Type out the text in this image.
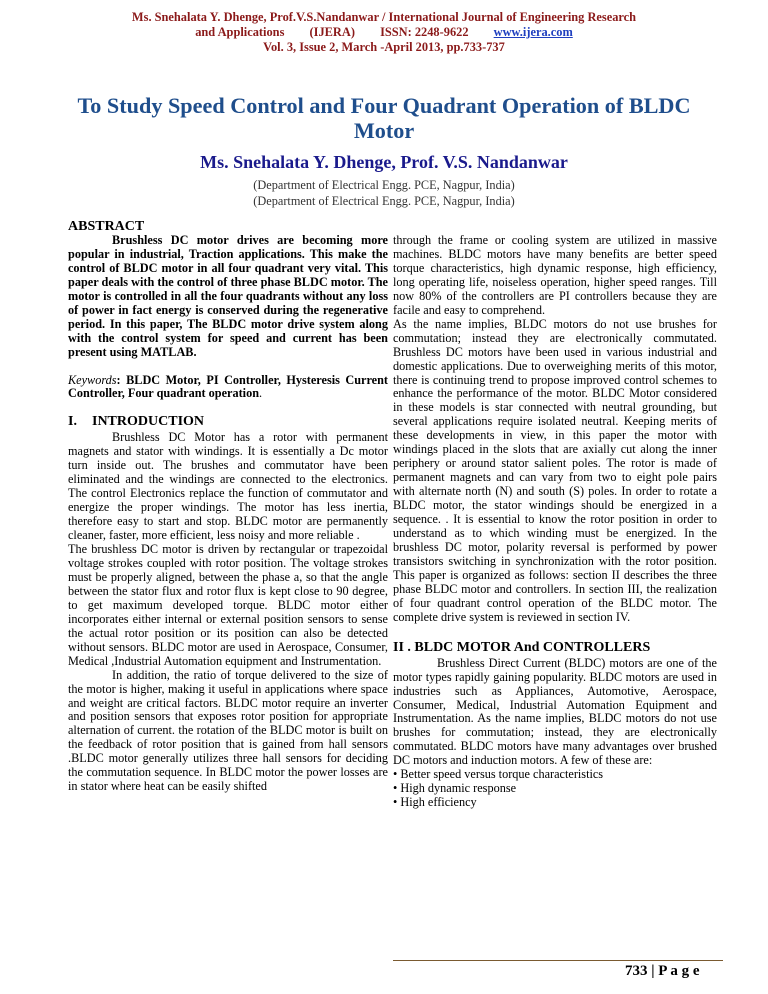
Ms. Snehalata Y. Dhenge, Prof.V.S.Nandanwar / International Journal of Engineering Research
and Applications (IJERA) ISSN: 2248-9622 www.ijera.com
Vol. 3, Issue 2, March -April 2013, pp.733-737
To Study Speed Control and Four Quadrant Operation of BLDC Motor
Ms. Snehalata Y. Dhenge, Prof. V.S. Nandanwar
(Department of Electrical Engg. PCE, Nagpur, India)
(Department of Electrical Engg. PCE, Nagpur, India)

ABSTRACT

Brushless DC motor drives are becoming more popular in industrial, Traction applications. This make the control of BLDC motor in all four quadrant very vital. This paper deals with the control of three phase BLDC motor. The motor is controlled in all the four quadrants without any loss of power in fact energy is conserved during the regenerative period. In this paper, The BLDC motor drive system along with the control system for speed and current has been present using MATLAB.

Keywords: BLDC Motor, PI Controller, Hysteresis Current Controller, Four quadrant operation.

I. INTRODUCTION

Brushless DC Motor has a rotor with permanent magnets and stator with windings. It is essentially a Dc motor turn inside out. The brushes and commutator have been eliminated and the windings are connected to the electronics. The control Electronics replace the function of commutator and energize the proper windings. The motor has less inertia, therefore easy to start and stop. BLDC motor are permanently cleaner, faster, more efficient, less noisy and more reliable .

The brushless DC motor is driven by rectangular or trapezoidal voltage strokes coupled with rotor position. The voltage strokes must be properly aligned, between the phase a, so that the angle between the stator flux and rotor flux is kept close to 90 degree, to get maximum developed torque. BLDC motor either incorporates either internal or external position sensors to sense the actual rotor position or its position can also be detected without sensors. BLDC motor are used in Aerospace, Consumer, Medical ,Industrial Automation equipment and Instrumentation.

In addition, the ratio of torque delivered to the size of the motor is higher, making it useful in applications where space and weight are critical factors. BLDC motor require an inverter and position sensors that exposes rotor position for appropriate alternation of current. the rotation of the BLDC motor is built on the feedback of rotor position that is gained from hall sensors .BLDC motor generally utilizes three hall sensors for deciding the commutation sequence. In BLDC motor the power losses are in stator where heat can be easily shifted

through the frame or cooling system are utilized in massive machines. BLDC motors have many benefits are better speed torque characteristics, high dynamic response, high efficiency, long operating life, noiseless operation, higher speed ranges. Till now 80% of the controllers are PI controllers because they are facile and easy to comprehend.

As the name implies, BLDC motors do not use brushes for commutation; instead they are electronically commutated. Brushless DC motors have been used in various industrial and domestic applications. Due to overweighing merits of this motor, there is continuing trend to propose improved control schemes to enhance the performance of the motor. BLDC Motor considered in these models is star connected with neutral grounding, but several applications require isolated neutral. Keeping merits of these developments in view, in this paper the motor with windings placed in the slots that are axially cut along the inner periphery or around stator salient poles. The rotor is made of permanent magnets and can vary from two to eight pole pairs with alternate north (N) and south (S) poles. In order to rotate a BLDC motor, the stator windings should be energized in a sequence. . It is essential to know the rotor position in order to understand as to which winding must be energized. In the brushless DC motor, polarity reversal is performed by power transistors switching in synchronization with the rotor position. This paper is organized as follows: section II describes the three phase BLDC motor and controllers. In section III, the realization of four quadrant control operation of the BLDC motor. The complete drive system is reviewed in section IV.

II . BLDC MOTOR And CONTROLLERS

Brushless Direct Current (BLDC) motors are one of the motor types rapidly gaining popularity. BLDC motors are used in industries such as Appliances, Automotive, Aerospace, Consumer, Medical, Industrial Automation Equipment and Instrumentation. As the name implies, BLDC motors do not use brushes for commutation; instead, they are electronically commutated. BLDC motors have many advantages over brushed DC motors and induction motors. A few of these are:

• Better speed versus torque characteristics

• High dynamic response

• High efficiency

733 | P a g e
